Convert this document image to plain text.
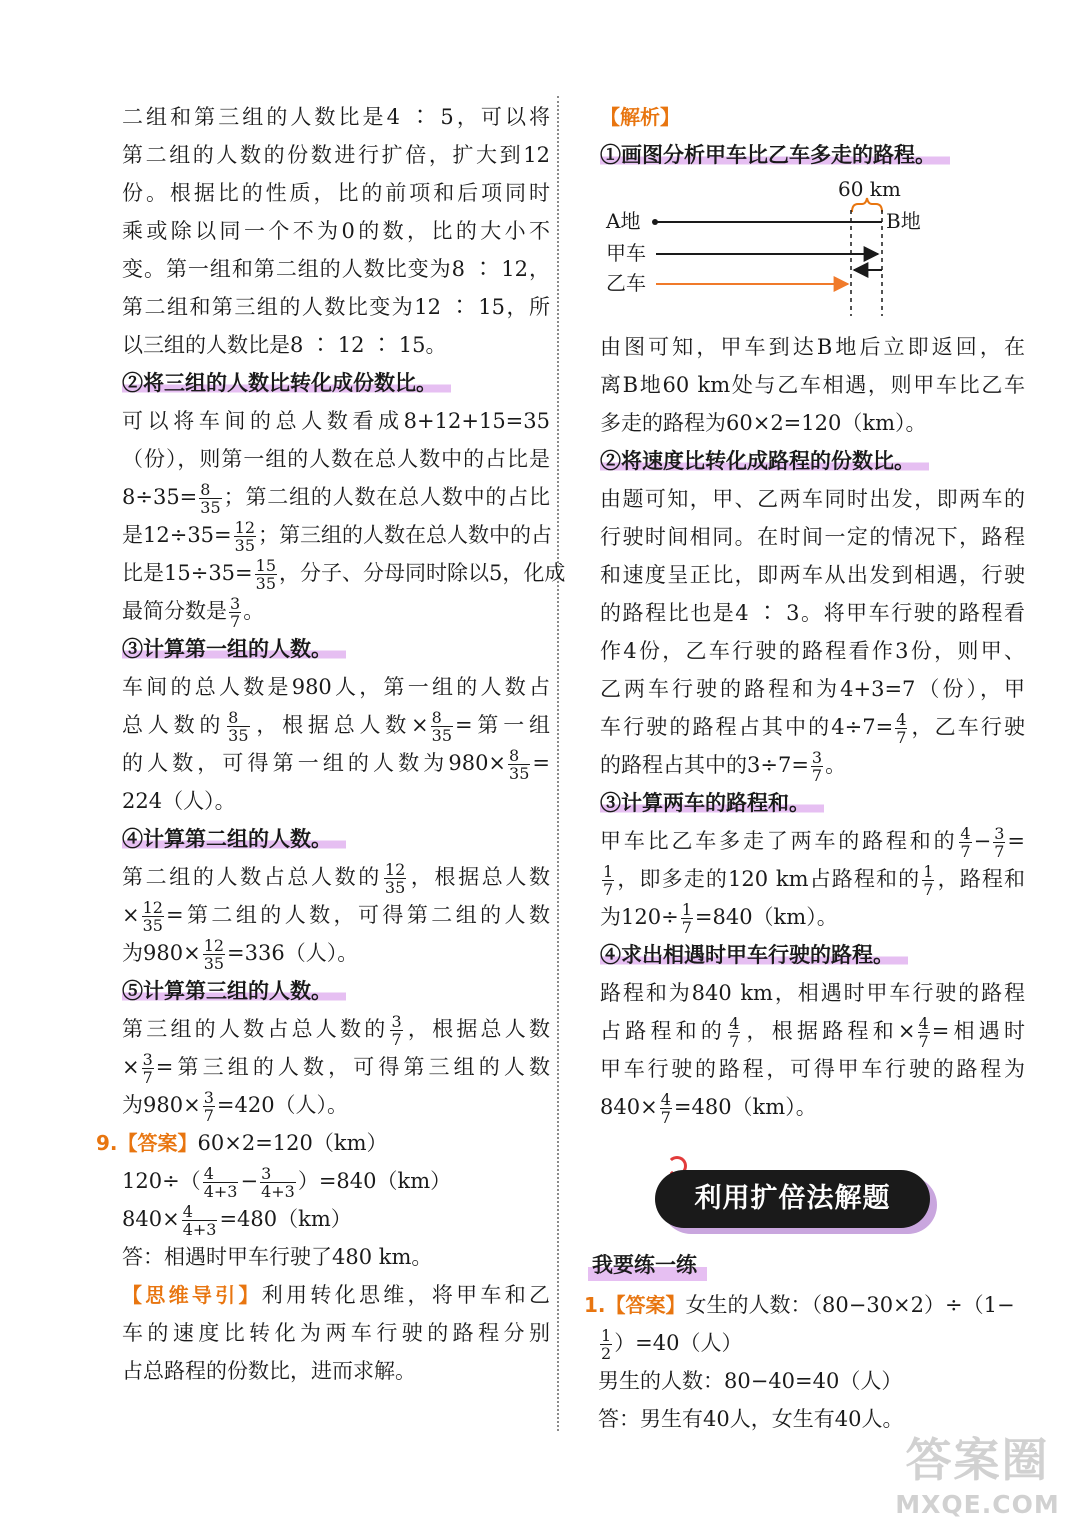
二组和第三组的人数比是4 ∶ 5，可以将

第二组的人数的份数进行扩倍，扩大到12

份。根据比的性质，比的前项和后项同时

乘或除以同一个不为0的数，比的大小不

变。第一组和第二组的人数比变为8 ∶ 12，

第二组和第三组的人数比变为12 ∶ 15，所

以三组的人数比是8 ∶ 12 ∶ 15。

②将三组的人数比转化成份数比。

可以将车间的总人数看成8+12+15=35

（份），则第一组的人数在总人数中的占比是

$8\div 35= \frac{8}{35}$ ；第二组的人数在总人数中的占比

是$12\div 35= \frac{12}{35}$ ；第三组的人数在总人数中的占

比是$15\div 35= \frac{15}{35}$ ，分子、分母同时除以5，化成

最简分数是 $\frac{3}{7}$ 。

③计算第一组的人数。

车间的总人数是980人，第一组的人数占

总人数的 $\frac{8}{35}$ ，根据总人数× $\frac{8}{35}$ =第一组

的人数，可得第一组的人数为$980\times \frac{8}{35}$ =

224（人）。

④计算第二组的人数。

第二组的人数占总人数的 $\frac{12}{35}$ ，根据总人数

× $\frac{12}{35}$ =第二组的人数，可得第二组的人数

为$980\times \frac{12}{35} =336$（人）。

⑤计算第三组的人数。

第三组的人数占总人数的 $\frac{3}{7}$ ，根据总人数

× $\frac{3}{7}$ =第三组的人数，可得第三组的人数

为$980\times \frac{3}{7} =420$（人）。

9.【答案】60×2=120（km）

$120\div( \frac{4}{4+3} - \frac{3}{4+3} )=840(km)$

$840\times \frac{4}{4+3} =480(km)$

答：相遇时甲车行驶了480 km。

【思维导引】利用转化思维，将甲车和乙

车的速度比转化为两车行驶的路程分别

占总路程的份数比，进而求解。

【解析】

①画图分析甲车比乙车多走的路程。

由图可知，甲车到达B地后立即返回，在

离B地60 km处与乙车相遇，则甲车比乙车

多走的路程为60×2=120（km）。

②将速度比转化成路程的份数比。

由题可知，甲、乙两车同时出发，即两车的

行驶时间相同。在时间一定的情况下，路程

和速度呈正比，即两车从出发到相遇，行驶

的路程比也是4 ∶ 3。将甲车行驶的路程看

作4份，乙车行驶的路程看作3份，则甲、

乙两车行驶的路程和为4+3=7（份），甲

车行驶的路程占其中的$4\div 7= \frac{4}{7}$ ，乙车行驶

的路程占其中的$3\div 7= \frac{3}{7}$ 。

③计算两车的路程和。

甲车比乙车多走了两车的路程和的 $\frac{4}{7} - \frac{3}{7}$ =

$\frac{1}{7}$ ，即多走的120 km占路程和的 $\frac{1}{7}$ ，路程和

为$120\div \frac{1}{7} =840(km)$。

④求出相遇时甲车行驶的路程。

路程和为840 km，相遇时甲车行驶的路程

占路程和的 $\frac{4}{7}$ ，根据路程和× $\frac{4}{7}$ =相遇时

甲车行驶的路程，可得甲车行驶的路程为

$840\times \frac{4}{7} =480(km)$。

60 km
A地	B地
甲车
乙车
利用扩倍法解题
我要练一练

1.【答案】女生的人数：（80−30×2）÷（1−

$\frac{1}{2} )=40$（人）

男生的人数：80−40=40（人）

答：男生有40人，女生有40人。

答案圈
MXQE.COM
